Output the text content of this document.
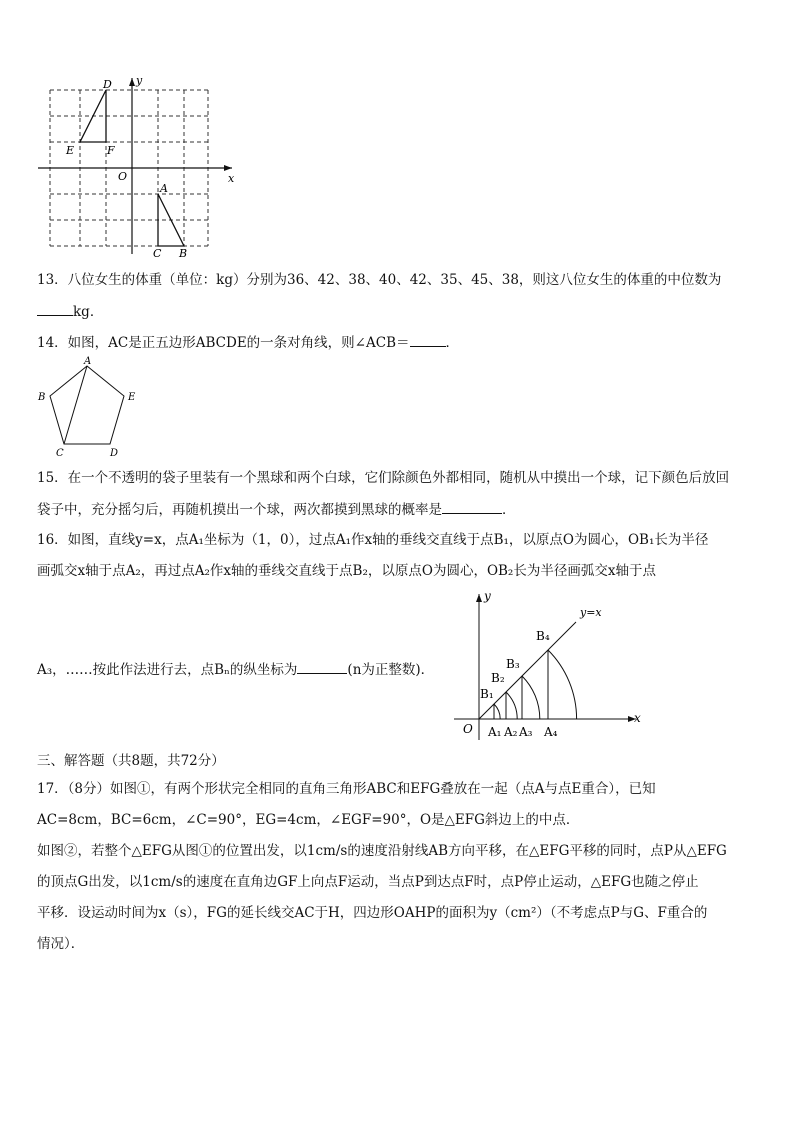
D
E	F
O
A
C B
x
y
13．八位女生的体重（单位：kg）分别为36、42、38、40、42、35、45、38，则这八位女生的体重的中位数为
kg．
14．如图，AC是正五边形ABCDE的一条对角线，则∠ACB＝	．
A
B	E
C	D
15．在一个不透明的袋子里装有一个黑球和两个白球，它们除颜色外都相同，随机从中摸出一个球，记下颜色后放回
袋子中，充分摇匀后，再随机摸出一个球，两次都摸到黑球的概率是	．
16．如图，直线y=x，点A₁坐标为（1，0），过点A₁作x轴的垂线交直线于点B₁，以原点O为圆心，OB₁长为半径
画弧交x轴于点A₂，再过点A₂作x轴的垂线交直线于点B₂，以原点O为圆心，OB₂长为半径画弧交x轴于点
A₃，……按此作法进行去，点Bₙ的纵坐标为	(n为正整数)．
y
y=x
x
O
B₁
B₂
B₃
B₄
A₁ A₂ A₃ A₄
三、解答题（共8题，共72分）
17．（8分）如图①，有两个形状完全相同的直角三角形ABC和EFG叠放在一起（点A与点E重合），已知
AC=8cm，BC=6cm，∠C=90°，EG=4cm，∠EGF=90°，O是△EFG斜边上的中点．
如图②，若整个△EFG从图①的位置出发，以1cm/s的速度沿射线AB方向平移，在△EFG平移的同时，点P从△EFG
的顶点G出发，以1cm/s的速度在直角边GF上向点F运动，当点P到达点F时，点P停止运动，△EFG也随之停止
平移．设运动时间为x（s），FG的延长线交AC于H，四边形OAHP的面积为y（cm²）（不考虑点P与G、F重合的
情况）．
